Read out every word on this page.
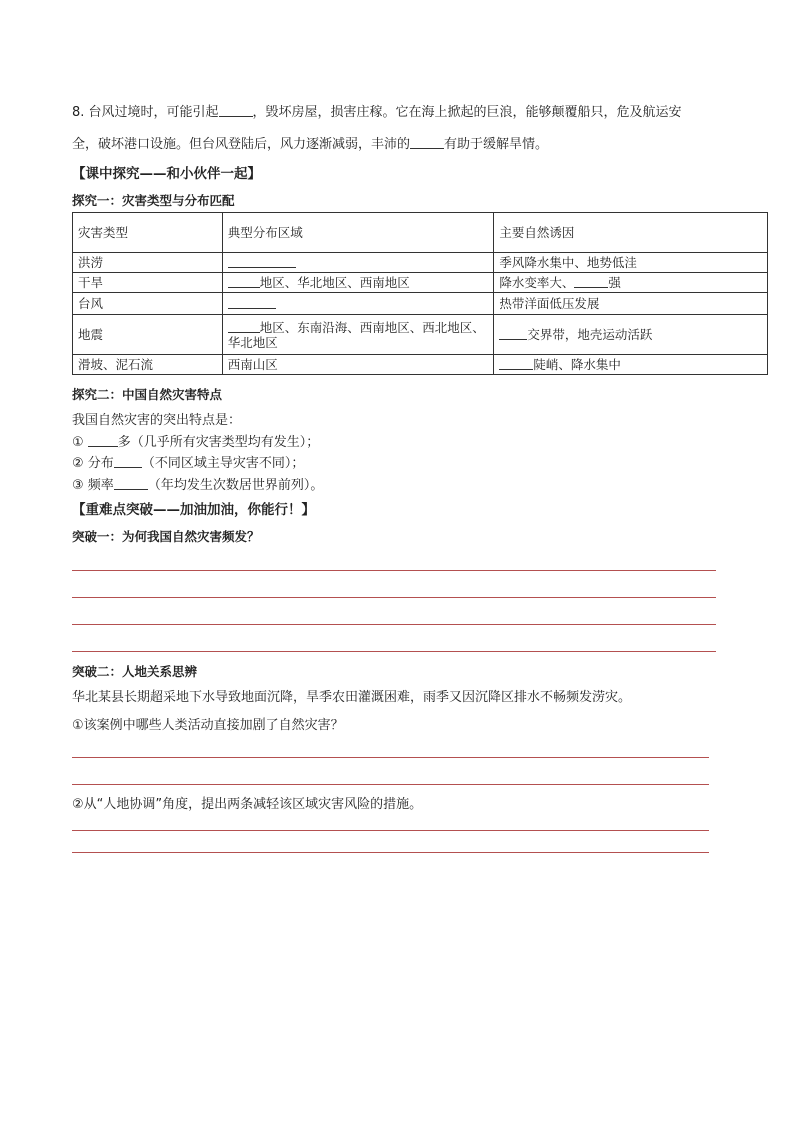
8. 台风过境时，可能引起	，毁坏房屋，损害庄稼。它在海上掀起的巨浪，能够颠覆船只，危及航运安
全，破坏港口设施。但台风登陆后，风力逐渐减弱，丰沛的	有助于缓解旱情。
【课中探究——和小伙伴一起】
探究一：灾害类型与分布匹配
灾害类型	典型分布区域	主要自然诱因
洪涝		季风降水集中、地势低洼
干旱	地区、华北地区、西南地区	降水变率大、 强
台风		热带洋面低压发展
地震	地区、东南沿海、西南地区、西北地区、华北地区	交界带，地壳运动活跃
滑坡、泥石流	西南山区	陡峭、降水集中
探究二：中国自然灾害特点
我国自然灾害的突出特点是：
①	多（几乎所有灾害类型均有发生）；
② 分布 （不同区域主导灾害不同）；
③ 频率	（年均发生次数居世界前列）。
【重难点突破——加油加油，你能行！】
突破一：为何我国自然灾害频发？
突破二：人地关系思辨
华北某县长期超采地下水导致地面沉降，旱季农田灌溉困难，雨季又因沉降区排水不畅频发涝灾。
①该案例中哪些人类活动直接加剧了自然灾害？
②从“人地协调”角度，提出两条减轻该区域灾害风险的措施。
